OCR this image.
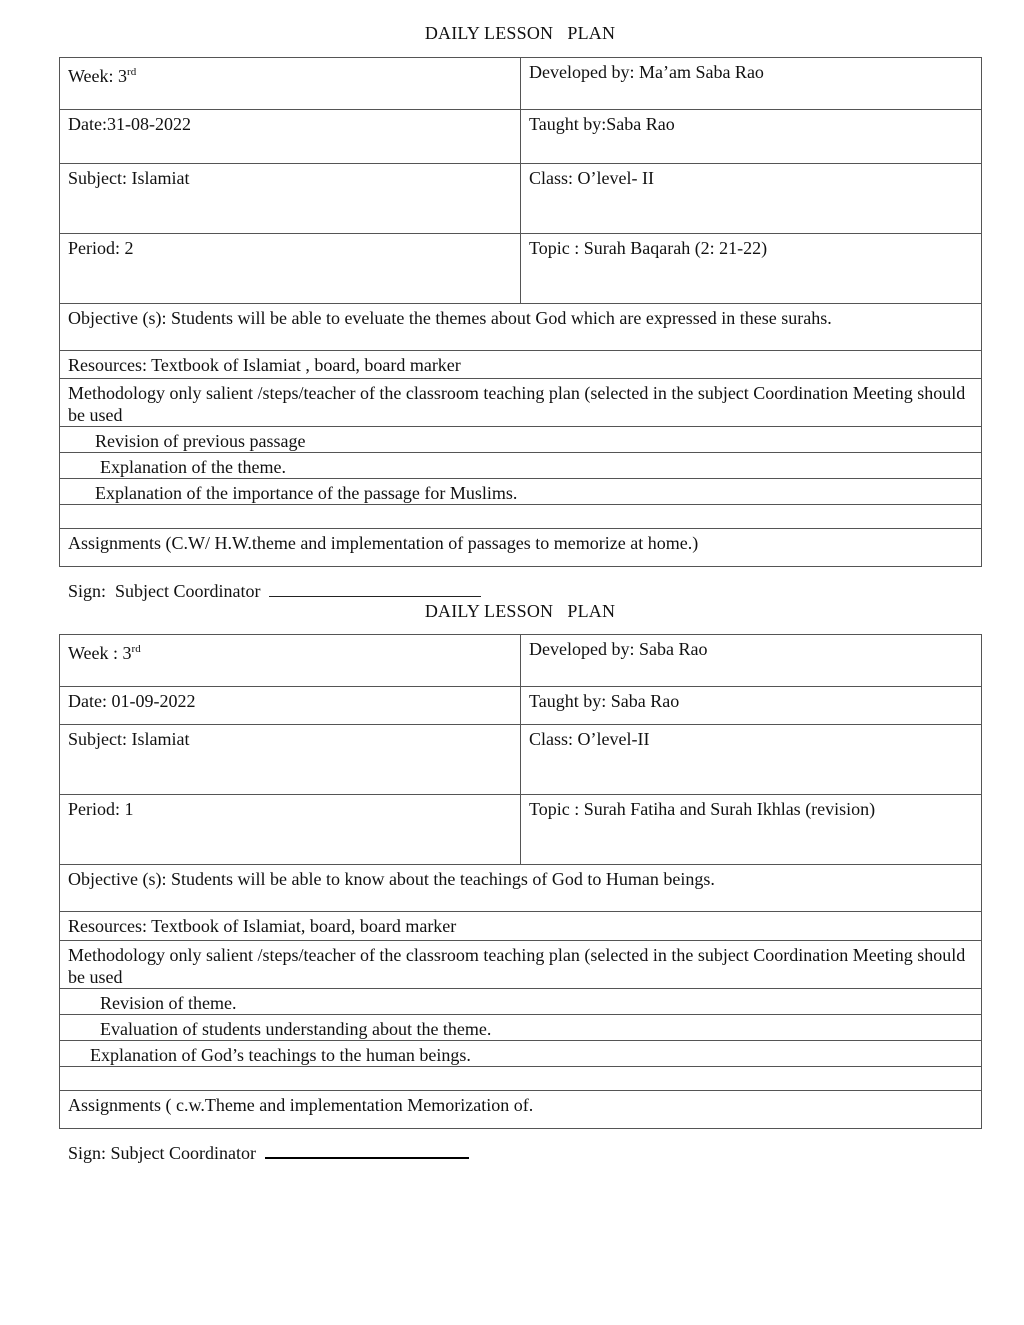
DAILY LESSON   PLAN
Week: 3rd	Developed by: Ma’am Saba Rao
Date:31-08-2022	Taught by:Saba Rao
Subject: Islamiat	Class: O’level- II
Period: 2	Topic : Surah Baqarah (2: 21-22)
Objective (s): Students will be able to eveluate the themes about God which are expressed in these surahs.	
Resources: Textbook of Islamiat , board, board marker	
Methodology only salient /steps/teacher of the classroom teaching plan (selected in the subject Coordination Meeting should be used	
Revision of previous passage	
Explanation of the theme.	
Explanation of the importance of the passage for Muslims.	

Assignments (C.W/ H.W.theme and implementation of passages to memorize at home.)	
Sign:  Subject Coordinator
DAILY LESSON   PLAN
Week : 3rd	Developed by: Saba Rao
Date: 01-09-2022	Taught by: Saba Rao
Subject: Islamiat	Class: O’level-II
Period: 1	Topic : Surah Fatiha and Surah Ikhlas (revision)
Objective (s): Students will be able to know about the teachings of God to Human beings.	
Resources: Textbook of Islamiat, board, board marker	
Methodology only salient /steps/teacher of the classroom teaching plan (selected in the subject Coordination Meeting should be used	
Revision of theme.	
Evaluation of students understanding about the theme.	
Explanation of God’s teachings to the human beings.	

Assignments ( c.w.Theme and implementation Memorization of.	
Sign: Subject Coordinator
